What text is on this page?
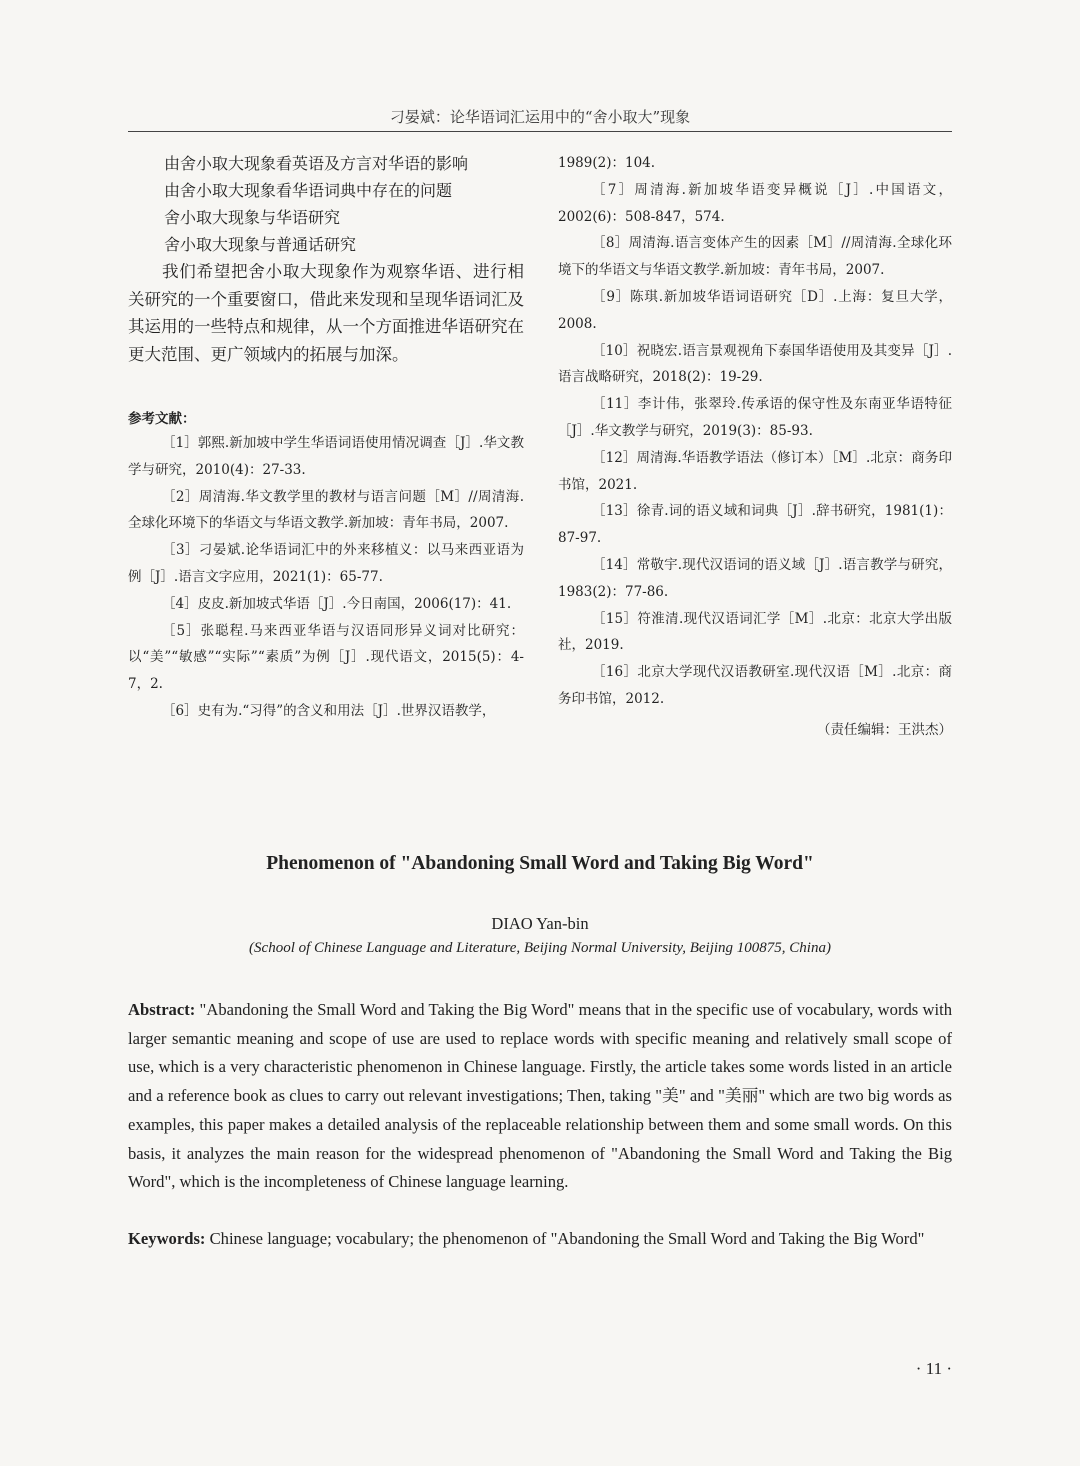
刁晏斌：论华语词汇运用中的“舍小取大”现象
由舍小取大现象看英语及方言对华语的影响
由舍小取大现象看华语词典中存在的问题
舍小取大现象与华语研究
舍小取大现象与普通话研究

我们希望把舍小取大现象作为观察华语、进行相关研究的一个重要窗口，借此来发现和呈现华语词汇及其运用的一些特点和规律，从一个方面推进华语研究在更大范围、更广领域内的拓展与加深。

参考文献：

［1］郭熙.新加坡中学生华语词语使用情况调查［J］.华文教学与研究，2010(4)：27-33.

［2］周清海.华文教学里的教材与语言问题［M］//周清海.全球化环境下的华语文与华语文教学.新加坡：青年书局，2007.

［3］刁晏斌.论华语词汇中的外来移植义：以马来西亚语为例［J］.语言文字应用，2021(1)：65-77.

［4］皮皮.新加坡式华语［J］.今日南国，2006(17)：41.

［5］张聪程.马来西亚华语与汉语同形异义词对比研究：以“美”“敏感”“实际”“素质”为例［J］.现代语文，2015(5)：4-7，2.

［6］史有为.“习得”的含义和用法［J］.世界汉语教学，

1989(2)：104.

［7］周清海.新加坡华语变异概说［J］.中国语文，2002(6)：508-847，574.

［8］周清海.语言变体产生的因素［M］//周清海.全球化环境下的华语文与华语文教学.新加坡：青年书局，2007.

［9］陈琪.新加坡华语词语研究［D］.上海：复旦大学，2008.

［10］祝晓宏.语言景观视角下泰国华语使用及其变异［J］.语言战略研究，2018(2)：19-29.

［11］李计伟，张翠玲.传承语的保守性及东南亚华语特征［J］.华文教学与研究，2019(3)：85-93.

［12］周清海.华语教学语法（修订本）［M］.北京：商务印书馆，2021.

［13］徐青.词的语义域和词典［J］.辞书研究，1981(1)：87-97.

［14］常敬宇.现代汉语词的语义域［J］.语言教学与研究，1983(2)：77-86.

［15］符淮清.现代汉语词汇学［M］.北京：北京大学出版社，2019.

［16］北京大学现代汉语教研室.现代汉语［M］.北京：商务印书馆，2012.

（责任编辑：王洪杰）
Phenomenon of "Abandoning Small Word and Taking Big Word"
DIAO Yan-bin
(School of Chinese Language and Literature, Beijing Normal University, Beijing 100875, China)

Abstract: "Abandoning the Small Word and Taking the Big Word" means that in the specific use of vocabulary, words with larger semantic meaning and scope of use are used to replace words with specific meaning and relatively small scope of use, which is a very characteristic phenomenon in Chinese language. Firstly, the article takes some words listed in an article and a reference book as clues to carry out relevant investigations; Then, taking "美" and "美丽" which are two big words as examples, this paper makes a detailed analysis of the replaceable relationship between them and some small words. On this basis, it analyzes the main reason for the widespread phenomenon of "Abandoning the Small Word and Taking the Big Word", which is the incompleteness of Chinese language learning.

Keywords: Chinese language; vocabulary; the phenomenon of "Abandoning the Small Word and Taking the Big Word"

· 11 ·
